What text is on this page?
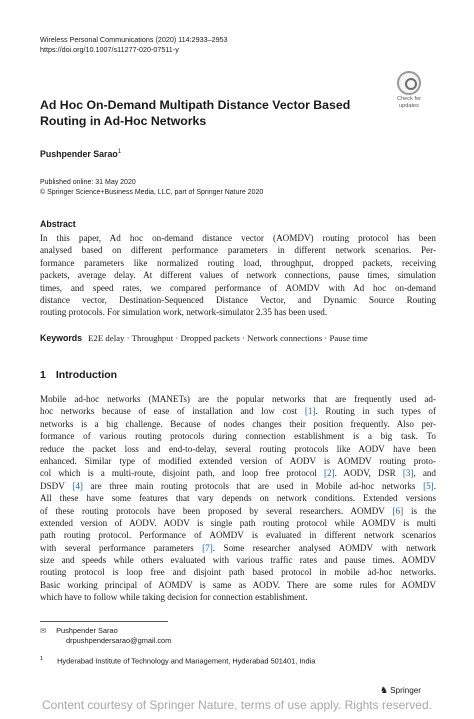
Wireless Personal Communications (2020) 114:2933–2953
https://doi.org/10.1007/s11277-020-07511-y
Check for
updates
Ad Hoc On-Demand Multipath Distance Vector Based
Routing in Ad-Hoc Networks
Pushpender Sarao$^1$
Published online: 31 May 2020
© Springer Science+Business Media, LLC, part of Springer Nature 2020
Abstract
In this paper, Ad hoc on-demand distance vector (AOMDV) routing protocol has been
analysed based on different performance parameters in different network scenarios. Per-
formance parameters like normalized routing load, throughput, dropped packets, receiving
packets, average delay. At different values of network connections, pause times, simulation
times, and speed rates, we compared performance of AOMDV with Ad hoc on-demand
distance vector, Destination-Sequenced Distance Vector, and Dynamic Source Routing
routing protocols. For simulation work, network-simulator 2.35 has been used.
Keywords E2E delay · Throughput · Dropped packets · Network connections · Pause time
1 Introduction
Mobile ad-hoc networks (MANETs) are the popular networks that are frequently used ad-
hoc networks because of ease of installation and low cost [1]. Routing in such types of
networks is a big challenge. Because of nodes changes their position frequently. Also per-
formance of various routing protocols during connection establishment is a big task. To
reduce the packet loss and end-to-delay, several routing protocols like AODV have been
enhanced. Similar type of modified extended version of AODV is AOMDV routing proto-
col which is a multi-route, disjoint path, and loop free protocol [2]. AODV, DSR [3], and
DSDV [4] are three main routing protocols that are used in Mobile ad-hoc networks [5].
All these have some features that vary depends on network conditions. Extended versions
of these routing protocols have been proposed by several researchers. AOMDV [6] is the
extended version of AODV. AODV is single path routing protocol while AOMDV is multi
path routing protocol. Performance of AOMDV is evaluated in different network scenarios
with several performance parameters [7]. Some researcher analysed AOMDV with network
size and speeds while others evaluated with various traffic rates and pause times. AOMDV
routing protocol is loop free and disjoint path based protocol in mobile ad-hoc networks.
Basic working principal of AOMDV is same as AODV. There are some rules for AOMDV
which have to follow while taking decision for connection establishment.
✉ Pushpender Sarao
drpushpendersarao@gmail.com
$^1$ Hyderabad Institute of Technology and Management, Hyderabad 501401, India
♞ Springer
Content courtesy of Springer Nature, terms of use apply. Rights reserved.
